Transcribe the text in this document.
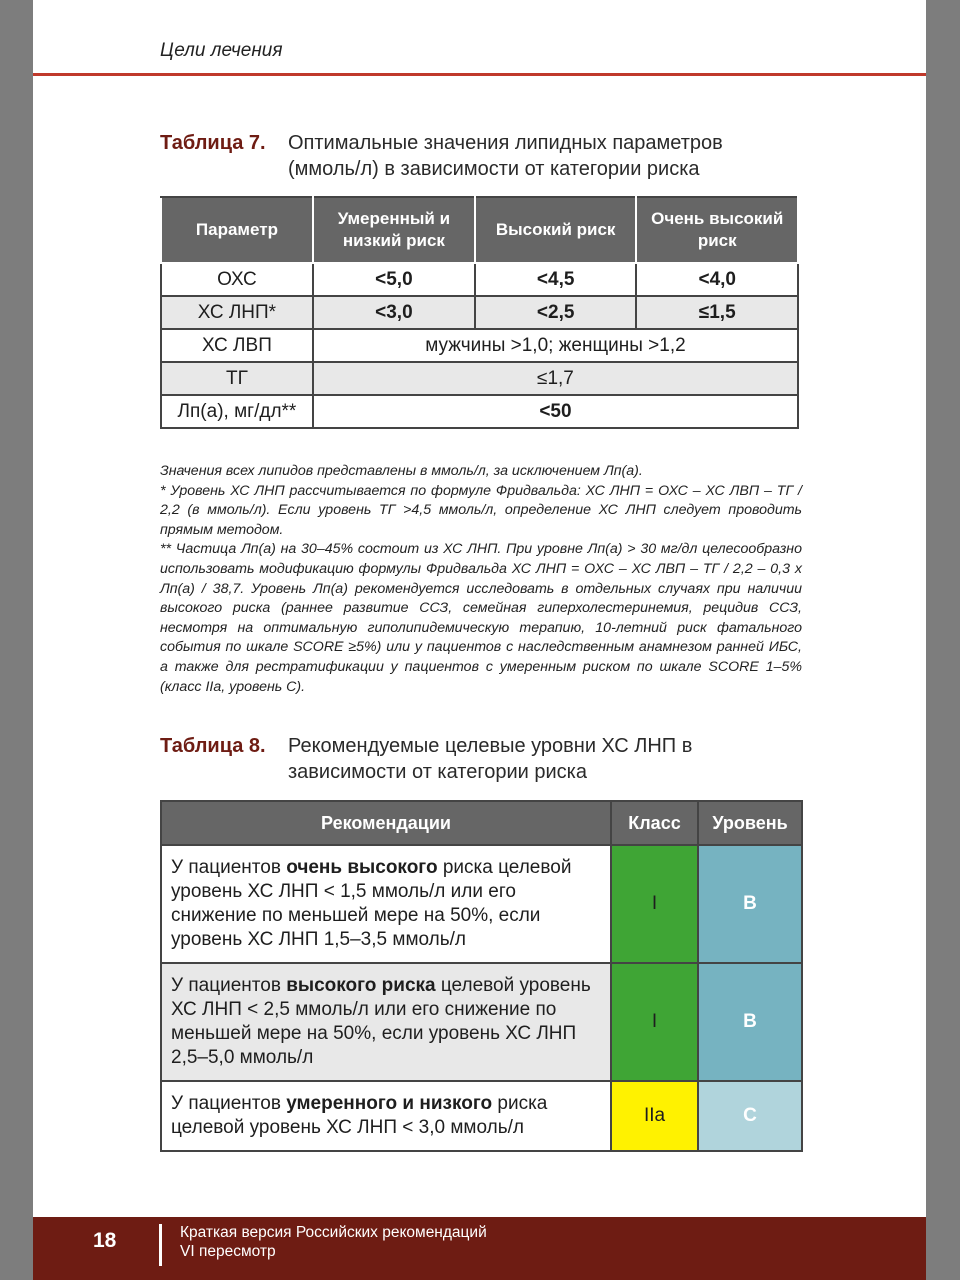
Цели лечения
Таблица 7. Оптимальные значения липидных параметров (ммоль/л) в зависимости от категории риска
Параметр	Умеренный и низкий риск	Высокий риск	Очень высокий риск
ОХС	<5,0	<4,5	<4,0
ХС ЛНП*	<3,0	<2,5	≤1,5
ХС ЛВП	мужчины >1,0; женщины >1,2		
ТГ	≤1,7		
Лп(а), мг/дл**	<50		

Значения всех липидов представлены в ммоль/л, за исключением Лп(а).

* Уровень ХС ЛНП рассчитывается по формуле Фридвальда: ХС ЛНП = ОХС – ХС ЛВП – ТГ / 2,2 (в ммоль/л). Если уровень ТГ >4,5 ммоль/л, определение ХС ЛНП следует проводить прямым методом.

** Частица Лп(а) на 30–45% состоит из ХС ЛНП. При уровне Лп(а) > 30 мг/дл целесообразно использовать модификацию формулы Фридвальда ХС ЛНП = ОХС – ХС ЛВП – ТГ / 2,2 – 0,3 х Лп(а) / 38,7. Уровень Лп(а) рекомендуется исследовать в отдельных случаях при наличии высокого риска (раннее развитие ССЗ, семейная гиперхолестеринемия, рецидив ССЗ, несмотря на оптимальную гиполипидемическую терапию, 10-летний риск фатального события по шкале SCORE ≥5%) или у пациентов с наследственным анамнезом ранней ИБС, а также для рестратификации у пациентов с умеренным риском по шкале SCORE 1–5% (класс IIa, уровень C).

Таблица 8. Рекомендуемые целевые уровни ХС ЛНП в зависимости от категории риска
Рекомендации	Класс	Уровень
У пациентов очень высокого риска целевой уровень ХС ЛНП < 1,5 ммоль/л или его снижение по меньшей мере на 50%, если уровень ХС ЛНП 1,5–3,5 ммоль/л	I	B
У пациентов высокого риска целевой уровень ХС ЛНП < 2,5 ммоль/л или его снижение по меньшей мере на 50%, если уровень ХС ЛНП 2,5–5,0 ммоль/л	I	B
У пациентов умеренного и низкого риска целевой уровень ХС ЛНП < 3,0 ммоль/л	IIa	C
18	Краткая версия Российских рекомендаций
VI пересмотр
